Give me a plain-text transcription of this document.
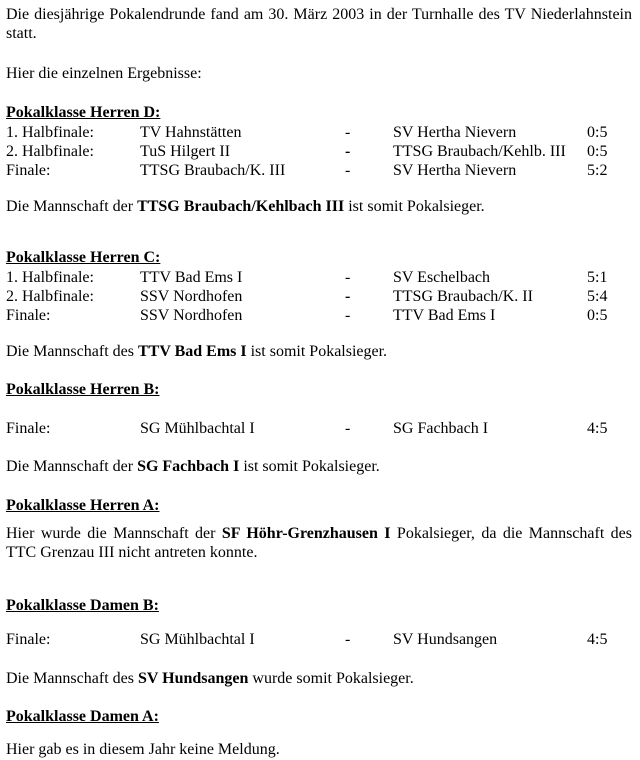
Die diesjährige Pokalendrunde fand am 30. März 2003 in der Turnhalle des TV Niederlahnstein statt.

Hier die einzelnen Ergebnisse:

Pokalklasse Herren D:

1. Halbfinale:	TV Hahnstätten	-	SV Hertha Nievern	0:5
2. Halbfinale:	TuS Hilgert II	-	TTSG Braubach/Kehlb. III	0:5
Finale:	TTSG Braubach/K. III	-	SV Hertha Nievern	5:2

Die Mannschaft der TTSG Braubach/Kehlbach III ist somit Pokalsieger.

Pokalklasse Herren C:

1. Halbfinale:	TTV Bad Ems I	-	SV Eschelbach	5:1
2. Halbfinale:	SSV Nordhofen	-	TTSG Braubach/K. II	5:4
Finale:	SSV Nordhofen	-	TTV Bad Ems I	0:5

Die Mannschaft des TTV Bad Ems I ist somit Pokalsieger.

Pokalklasse Herren B:

Finale:	SG Mühlbachtal I	-	SG Fachbach I	4:5

Die Mannschaft der SG Fachbach I ist somit Pokalsieger.

Pokalklasse Herren A:

Hier wurde die Mannschaft der SF Höhr-Grenzhausen I Pokalsieger, da die Mannschaft des TTC Grenzau III nicht antreten konnte.

Pokalklasse Damen B:

Finale:	SG Mühlbachtal I	-	SV Hundsangen	4:5

Die Mannschaft des SV Hundsangen wurde somit Pokalsieger.

Pokalklasse Damen A:

Hier gab es in diesem Jahr keine Meldung.
